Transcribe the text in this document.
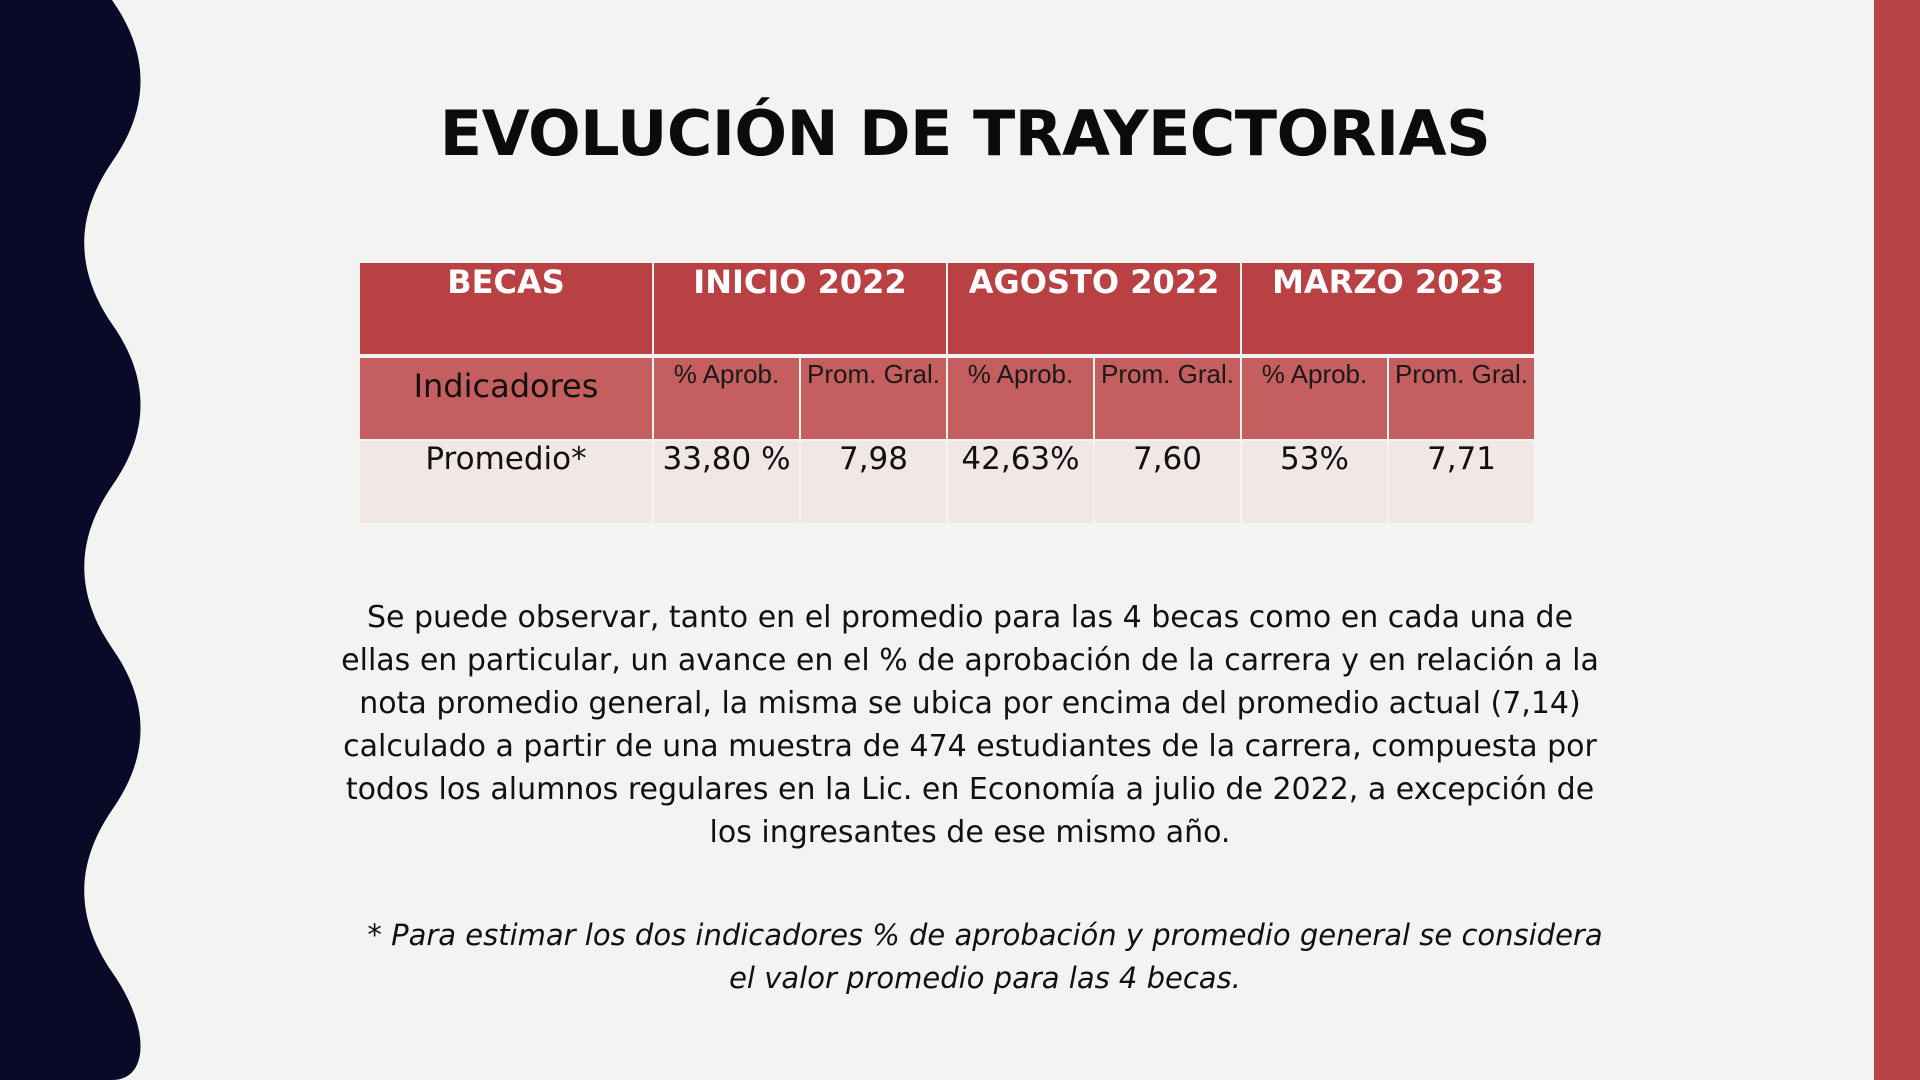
EVOLUCIÓN DE TRAYECTORIAS
BECAS	INICIO 2022		AGOSTO 2022		MARZO 2023	
Indicadores	% Aprob.	Prom. Gral.	% Aprob.	Prom. Gral.	% Aprob.	Prom. Gral.
Promedio*	33,80 %	7,98	42,63%	7,60	53%	7,71

Se puede observar, tanto en el promedio para las 4 becas como en cada una de ellas en particular, un avance en el % de aprobación de la carrera y en relación a la nota promedio general, la misma se ubica por encima del promedio actual (7,14) calculado a partir de una muestra de 474 estudiantes de la carrera, compuesta por todos los alumnos regulares en la Lic. en Economía a julio de 2022, a excepción de los ingresantes de ese mismo año.

* Para estimar los dos indicadores % de aprobación y promedio general se considera el valor promedio para las 4 becas.
